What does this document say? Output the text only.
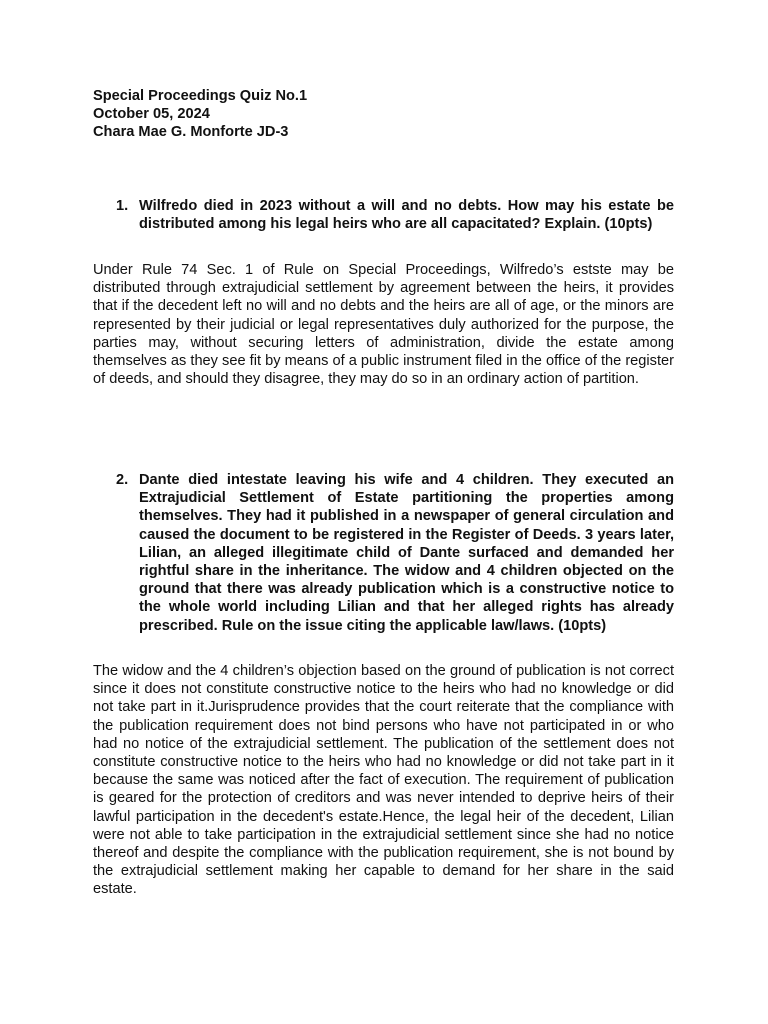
Special Proceedings Quiz No.1
October 05, 2024
Chara Mae G. Monforte JD-3
1. Wilfredo died in 2023 without a will and no debts. How may his estate be distributed among his legal heirs who are all capacitated? Explain. (10pts)
Under Rule 74 Sec. 1 of Rule on Special Proceedings, Wilfredo’s estste may be distributed through extrajudicial settlement by agreement between the heirs, it provides that if the decedent left no will and no debts and the heirs are all of age, or the minors are represented by their judicial or legal representatives duly authorized for the purpose, the parties may, without securing letters of administration, divide the estate among themselves as they see fit by means of a public instrument filed in the office of the register of deeds, and should they disagree, they may do so in an ordinary action of partition.
2. Dante died intestate leaving his wife and 4 children. They executed an Extrajudicial Settlement of Estate partitioning the properties among themselves. They had it published in a newspaper of general circulation and caused the document to be registered in the Register of Deeds. 3 years later, Lilian, an alleged illegitimate child of Dante surfaced and demanded her rightful share in the inheritance. The widow and 4 children objected on the ground that there was already publication which is a constructive notice to the whole world including Lilian and that her alleged rights has already prescribed. Rule on the issue citing the applicable law/laws. (10pts)
The widow and the 4 children’s objection based on the ground of publication is not correct since it does not constitute constructive notice to the heirs who had no knowledge or did not take part in it.Jurisprudence provides that the court reiterate that the compliance with the publication requirement does not bind persons who have not participated in or who had no notice of the extrajudicial settlement. The publication of the settlement does not constitute constructive notice to the heirs who had no knowledge or did not take part in it because the same was noticed after the fact of execution. The requirement of publication is geared for the protection of creditors and was never intended to deprive heirs of their lawful participation in the decedent's estate.Hence, the legal heir of the decedent, Lilian were not able to take participation in the extrajudicial settlement since she had no notice thereof and despite the compliance with the publication requirement, she is not bound by the extrajudicial settlement making her capable to demand for her share in the said estate.
